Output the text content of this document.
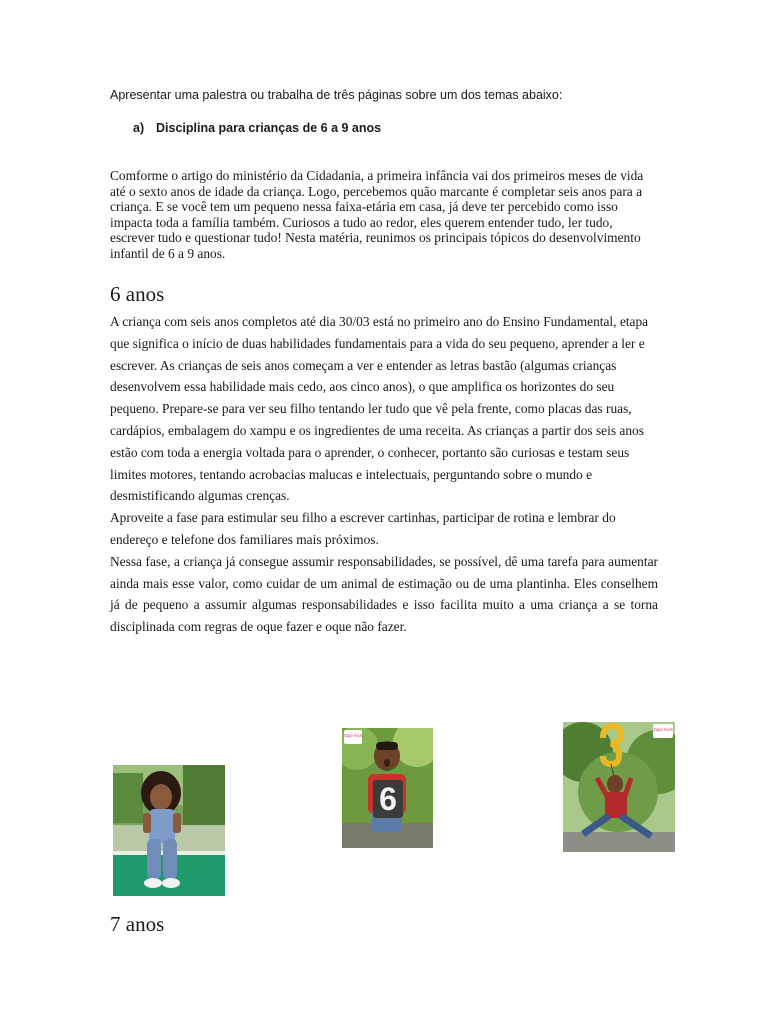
Apresentar uma palestra ou trabalha de três páginas sobre um dos temas abaixo:
a) Disciplina para crianças de 6 a 9 anos
Comforme o artigo do ministério da Cidadania, a primeira infância vai dos primeiros meses de vida até o sexto anos de idade da criança. Logo, percebemos quão marcante é completar seis anos para a criança. E se você tem um pequeno nessa faixa-etária em casa, já deve ter percebido como isso impacta toda a família também. Curiosos a tudo ao redor, eles querem entender tudo, ler tudo, escrever tudo e questionar tudo! Nesta matéria, reunimos os principais tópicos do desenvolvimento infantil de 6 a 9 anos.
6 anos

A criança com seis anos completos até dia 30/03 está no primeiro ano do Ensino Fundamental, etapa que significa o início de duas habilidades fundamentais para a vida do seu pequeno, aprender a ler e escrever. As crianças de seis anos começam a ver e entender as letras bastão (algumas crianças desenvolvem essa habilidade mais cedo, aos cinco anos), o que amplifica os horizontes do seu pequeno. Prepare-se para ver seu filho tentando ler tudo que vê pela frente, como placas das ruas, cardápios, embalagem do xampu e os ingredientes de uma receita. As crianças a partir dos seis anos estão com toda a energia voltada para o aprender, o conhecer, portanto são curiosas e testam seus limites motores, tentando acrobacias malucas e intelectuais, perguntando sobre o mundo e desmistificando algumas crenças.

Aproveite a fase para estimular seu filho a escrever cartinhas, participar de rotina e lembrar do endereço e telefone dos familiares mais próximos.

Nessa fase, a criança já consegue assumir responsabilidades, se possível, dê uma tarefa para aumentar ainda mais esse valor, como cuidar de um animal de estimação ou de uma plantinha. Eles conselhem já de pequeno a assumir algumas responsabilidades e isso facilita muito a uma criança a se torna disciplinada com regras de oque fazer e oque não fazer.

6
Zippi Kids
Zippi Kids
7 anos
